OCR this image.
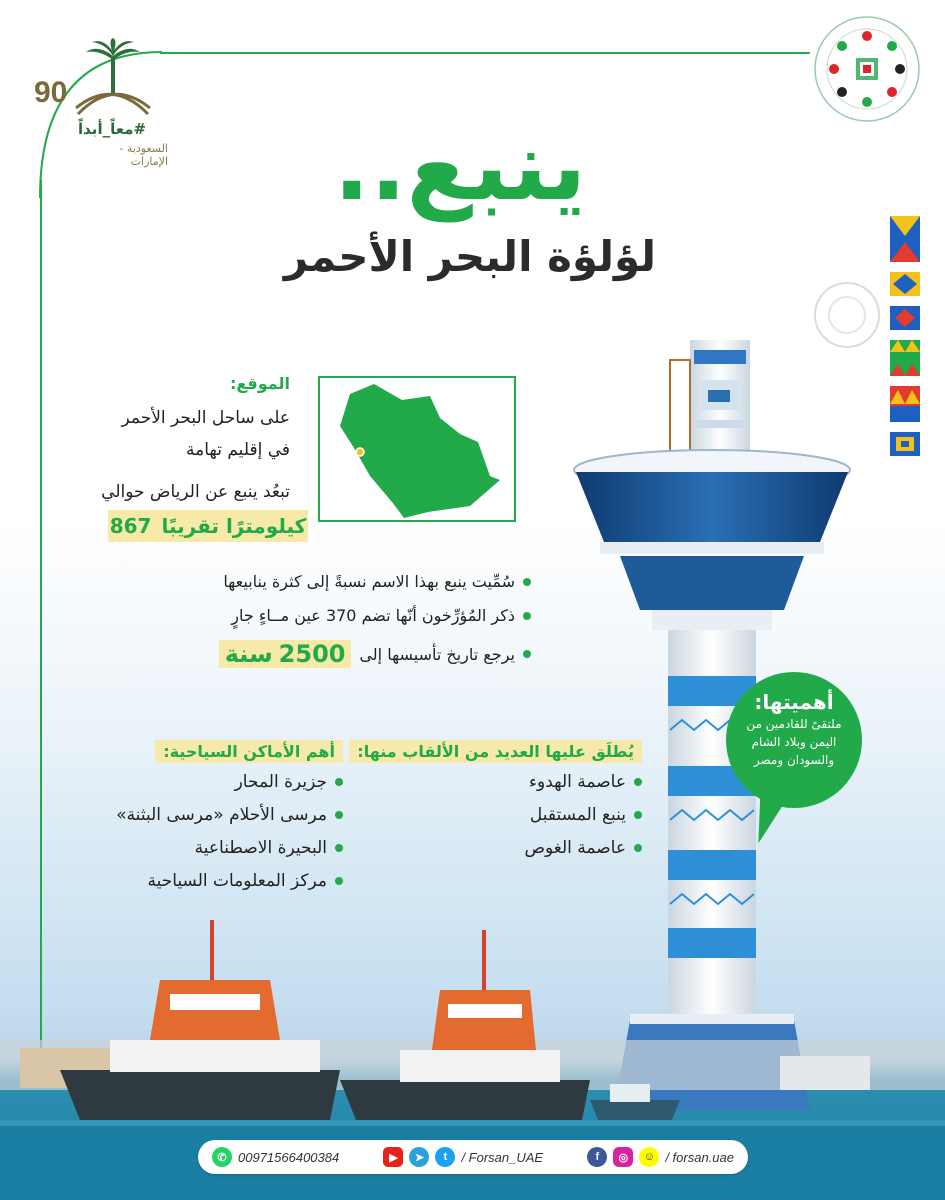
90
#معاً_أبداً
السعودية - الإمارات	ينبع..
لؤلؤة البحر الأحمر

الموقع:
على ساحل البحر الأحمر
في إقليم تهامة
تبعُد ينبع عن الرياض حوالي
كيلومترًا تقريبًا
867
سُمِّيت ينبع بهذا الاسم نسبةً إلى كثرة ينابيعها
ذكر المُؤرِّخون أنّها تضم 370 عين مــاءٍ جارٍ
يرجع تاريخ تأسيسها إلى
2500
سنة
يُطلَق عليها العديد من الألقاب منها:
عاصمة الهدوء
ينبع المستقبل
عاصمة الغوص
أهم الأماكن السياحية:
جزيرة المحار
مرسى الأحلام «مرسى البثنة»
البحيرة الاصطناعية
مركز المعلومات السياحية
أهميتها:
ملتقىً للقادمين من
اليمن وبلاد الشام
والسودان ومصر
✆ 00971566400384	▶	➤	t	/ Forsan_UAE	f	◎	☺ / forsan.uae
